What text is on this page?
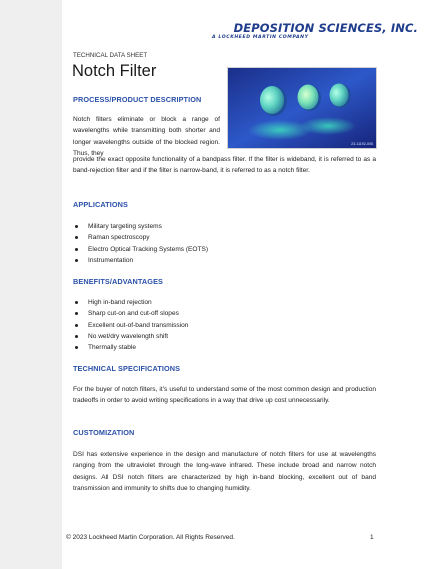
DEPOSITION SCIENCES, INC.
A LOCKHEED MARTIN COMPANY
TECHNICAL DATA SHEET
Notch Filter
23-11192-005
PROCESS/PRODUCT DESCRIPTION

Notch filters eliminate or block a range of wavelengths while transmitting both shorter and longer wavelengths outside of the blocked region. Thus, they

provide the exact opposite functionality of a bandpass filter. If the filter is wideband, it is referred to as a band-rejection filter and if the filter is narrow-band, it is referred to as a notch filter.

APPLICATIONS
Military targeting systems
Raman spectroscopy
Electro Optical Tracking Systems (EOTS)
Instrumentation
BENEFITS/ADVANTAGES
High in-band rejection
Sharp cut-on and cut-off slopes
Excellent out-of-band transmission
No wet/dry wavelength shift
Thermally stable
TECHNICAL SPECIFICATIONS

For the buyer of notch filters, it’s useful to understand some of the most common design and production tradeoffs in order to avoid writing specifications in a way that drive up cost unnecessarily.

CUSTOMIZATION

DSI has extensive experience in the design and manufacture of notch filters for use at wavelengths ranging from the ultraviolet through the long-wave infrared. These include broad and narrow notch designs. All DSI notch filters are characterized by high in-band blocking, excellent out of band transmission and immunity to shifts due to changing humidity.

© 2023 Lockheed Martin Corporation. All Rights Reserved.	1
